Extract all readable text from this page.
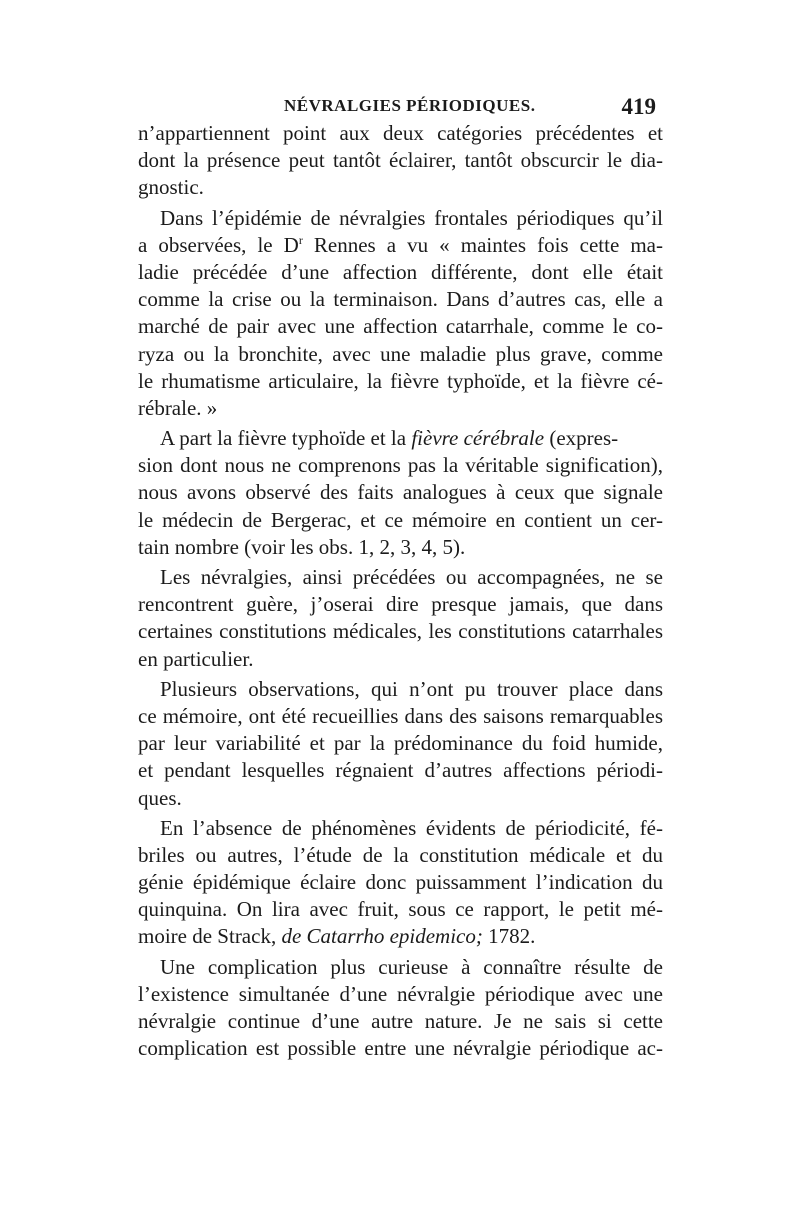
NÉVRALGIES PÉRIODIQUES.	419
n’appartiennent point aux deux catégories précédentes et
dont la présence peut tantôt éclairer, tantôt obscurcir le dia-
gnostic.
Dans l’épidémie de névralgies frontales périodiques qu’il
a observées, le $D^r$ Rennes a vu « maintes fois cette ma-
ladie précédée d’une affection différente, dont elle était
comme la crise ou la terminaison. Dans d’autres cas, elle a
marché de pair avec une affection catarrhale, comme le co-
ryza ou la bronchite, avec une maladie plus grave, comme
le rhumatisme articulaire, la fièvre typhoïde, et la fièvre cé-
rébrale. »
A part la fièvre typhoïde et la fièvre cérébrale (expres-
sion dont nous ne comprenons pas la véritable signification),
nous avons observé des faits analogues à ceux que signale
le médecin de Bergerac, et ce mémoire en contient un cer-
tain nombre (voir les obs. 1, 2, 3, 4, 5).
Les névralgies, ainsi précédées ou accompagnées, ne se
rencontrent guère, j’oserai dire presque jamais, que dans
certaines constitutions médicales, les constitutions catarrhales
en particulier.
Plusieurs observations, qui n’ont pu trouver place dans
ce mémoire, ont été recueillies dans des saisons remarquables
par leur variabilité et par la prédominance du foid humide,
et pendant lesquelles régnaient d’autres affections périodi-
ques.
En l’absence de phénomènes évidents de périodicité, fé-
briles ou autres, l’étude de la constitution médicale et du
génie épidémique éclaire donc puissamment l’indication du
quinquina. On lira avec fruit, sous ce rapport, le petit mé-
moire de Strack, de Catarrho epidemico; 1782.
Une complication plus curieuse à connaître résulte de
l’existence simultanée d’une névralgie périodique avec une
névralgie continue d’une autre nature. Je ne sais si cette
complication est possible entre une névralgie périodique ac-
